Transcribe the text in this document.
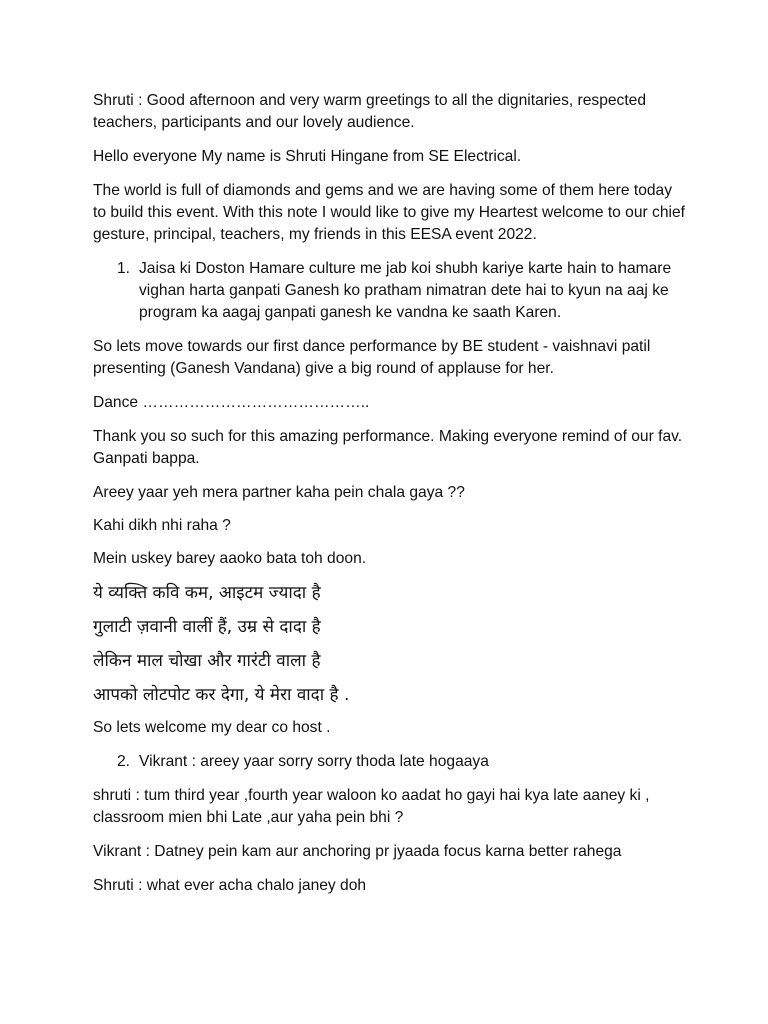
Shruti : Good afternoon and very warm greetings to all the dignitaries, respected teachers, participants and our lovely audience.

Hello everyone My name is Shruti Hingane from SE Electrical.

The world is full of diamonds and gems and we are having some of them here today to build this event. With this note I would like to give my Heartest welcome to our chief gesture, principal, teachers, my friends in this EESA event 2022.

1. Jaisa ki Doston Hamare culture me jab koi shubh kariye karte hain to hamare vighan harta ganpati Ganesh ko pratham nimatran dete hai to kyun na aaj ke program ka aagaj ganpati ganesh ke vandna ke saath Karen.

So lets move towards our first dance performance by BE student - vaishnavi patil presenting (Ganesh Vandana) give a big round of applause for her.

Dance ……………………………………..

Thank you so such for this amazing performance. Making everyone remind of our fav. Ganpati bappa.

Areey yaar yeh mera partner kaha pein chala gaya ??

Kahi dikh nhi raha ?

Mein uskey barey aaoko bata toh doon.

ये व्यक्ति कवि कम, आइटम ज्यादा है
गुलाटी ज़वानी वालीं हैं, उम्र से दादा है
लेकिन माल चोखा और गारंटी वाला है
आपको लोटपोट कर देगा, ये मेरा वादा है .

So lets welcome my dear co host .

2. Vikrant : areey yaar sorry sorry thoda late hogaaya

shruti : tum third year ,fourth year waloon ko aadat ho gayi hai kya late aaney ki , classroom mien bhi Late ,aur yaha pein bhi ?

Vikrant : Datney pein kam aur anchoring pr jyaada focus karna better rahega

Shruti : what ever acha chalo janey doh
